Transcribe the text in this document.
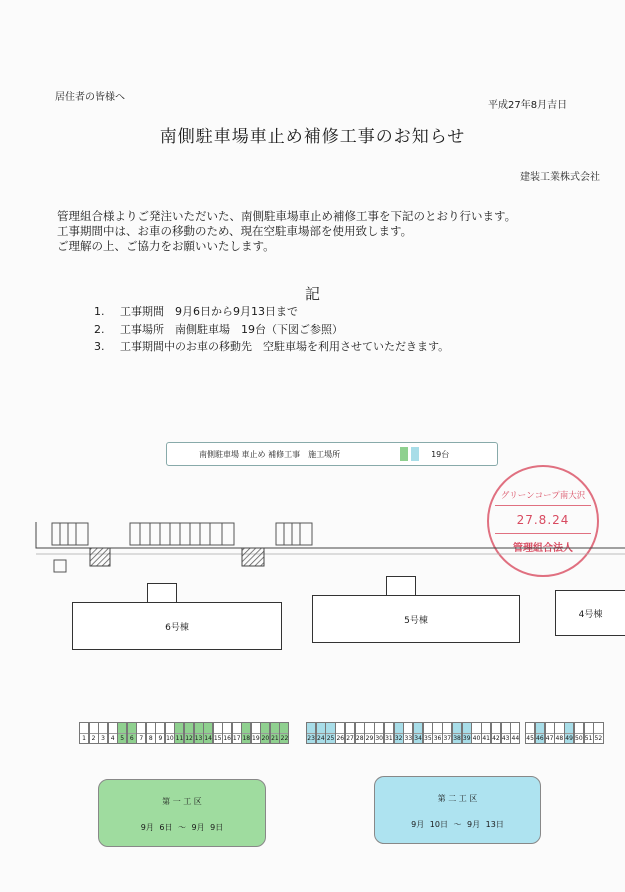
居住者の皆様へ
平成27年8月吉日
南側駐車場車止め補修工事のお知らせ
建装工業株式会社
管理組合様よりご発注いただいた、南側駐車場車止め補修工事を下記のとおり行います。
工事期間中は、お車の移動のため、現在空駐車場部を使用致します。
ご理解の上、ご協力をお願いいたします。
記
1. 工事期間　9月6日から9月13日まで
2. 工事場所　南側駐車場　19台（下図ご参照）
3. 工事期間中のお車の移動先　空駐車場を利用させていただきます。
南側駐車場 車止め 補修工事　施工場所	19台
グリーンコープ南大沢
27.8.24
管理組合法人
6号棟
5号棟
4号棟
1 2 3 4 5 6 7 8 9 10 11 12 13 14 15 16 17 18 19 20 21 22	23 24 25 26 27 28 29 30 31 32 33 34 35 36 37 38 39 40 41 42 43 44 45 46 47 48 49 50 51 52
第 一 工 区
9月 6日 〜 9月 9日
第 二 工 区
9月 10日 〜 9月 13日
